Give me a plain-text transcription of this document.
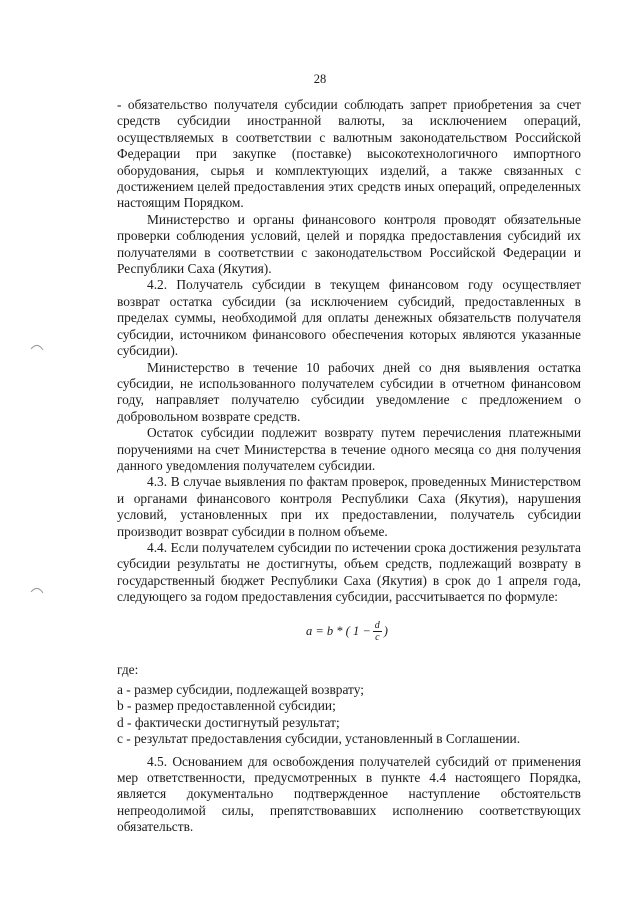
28

- обязательство получателя субсидии соблюдать запрет приобретения за счет средств субсидии иностранной валюты, за исключением операций, осуществляемых в соответствии с валютным законодательством Российской Федерации при закупке (поставке) высокотехнологичного импортного оборудования, сырья и комплектующих изделий, а также связанных с достижением целей предоставления этих средств иных операций, определенных настоящим Порядком.

Министерство и органы финансового контроля проводят обязательные проверки соблюдения условий, целей и порядка предоставления субсидий их получателями в соответствии с законодательством Российской Федерации и Республики Саха (Якутия).

4.2. Получатель субсидии в текущем финансовом году осуществляет возврат остатка субсидии (за исключением субсидий, предоставленных в пределах суммы, необходимой для оплаты денежных обязательств получателя субсидии, источником финансового обеспечения которых являются указанные субсидии).

Министерство в течение 10 рабочих дней со дня выявления остатка субсидии, не использованного получателем субсидии в отчетном финансовом году, направляет получателю субсидии уведомление с предложением о добровольном возврате средств.

Остаток субсидии подлежит возврату путем перечисления платежными поручениями на счет Министерства в течение одного месяца со дня получения данного уведомления получателем субсидии.

4.3. В случае выявления по фактам проверок, проведенных Министерством и органами финансового контроля Республики Саха (Якутия), нарушения условий, установленных при их предоставлении, получатель субсидии производит возврат субсидии в полном объеме.

4.4. Если получателем субсидии по истечении срока достижения результата субсидии результаты не достигнуты, объем средств, подлежащий возврату в государственный бюджет Республики Саха (Якутия) в срок до 1 апреля года, следующего за годом предоставления субсидии, рассчитывается по формуле:

a = b * ( $1 - \frac{d}{c}$ )

где:

а - размер субсидии, подлежащей возврату;

b - размер предоставленной субсидии;

d - фактически достигнутый результат;

с - результат предоставления субсидии, установленный в Соглашении.

4.5. Основанием для освобождения получателей субсидий от применения мер ответственности, предусмотренных в пункте 4.4 настоящего Порядка, является документально подтвержденное наступление обстоятельств непреодолимой силы, препятствовавших исполнению соответствующих обязательств.
